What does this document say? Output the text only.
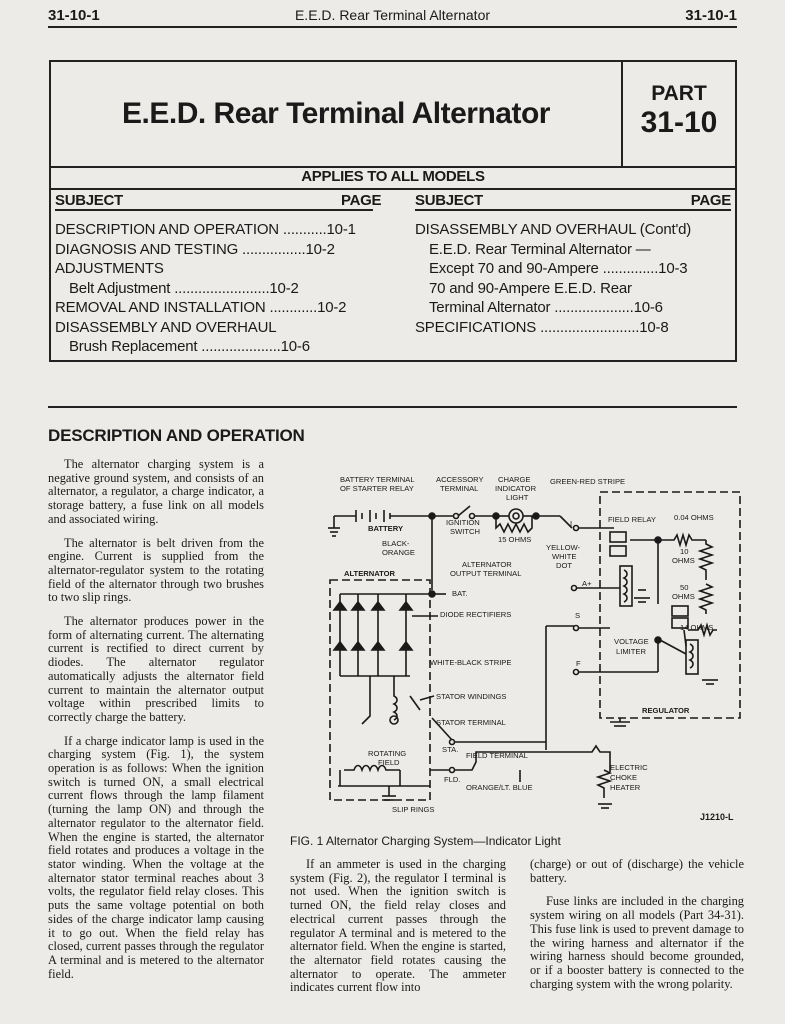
31-10-1	E.E.D. Rear Terminal Alternator	31-10-1
E.E.D. Rear Terminal Alternator
PART
31-10
APPLIES TO ALL MODELS
SUBJECT	PAGE SUBJECT	PAGE
DESCRIPTION AND OPERATION ...........10-1
DIAGNOSIS AND TESTING ................10-2
ADJUSTMENTS
Belt Adjustment ........................10-2
REMOVAL AND INSTALLATION ............10-2
DISASSEMBLY AND OVERHAUL
Brush Replacement ....................10-6
DISASSEMBLY AND OVERHAUL (Cont'd)
E.E.D. Rear Terminal Alternator —
Except 70 and 90-Ampere ..............10-3
70 and 90-Ampere E.E.D. Rear
Terminal Alternator ....................10-6
SPECIFICATIONS .........................10-8
DESCRIPTION AND OPERATION

The alternator charging system is a negative ground system, and consists of an alternator, a regulator, a charge indicator, a storage battery, a fuse link on all models and associated wiring.

The alternator is belt driven from the engine. Current is supplied from the alternator-regulator system to the rotating field of the alternator through two brushes to two slip rings.

The alternator produces power in the form of alternating current. The alternating current is rectified to direct current by diodes. The alternator regulator automatically adjusts the alternator field current to maintain the alternator output voltage within prescribed limits to correctly charge the battery.

If a charge indicator lamp is used in the charging system (Fig. 1), the system operation is as follows: When the ignition switch is turned ON, a small electrical current flows through the lamp filament (turning the lamp ON) and through the alternator regulator to the alternator field. When the engine is started, the alternator field rotates and produces a voltage in the stator winding. When the voltage at the alternator stator terminal reaches about 3 volts, the regulator field relay closes. This puts the same voltage potential on both sides of the charge indicator lamp causing it to go out. When the field relay has closed, current passes through the regulator A terminal and is metered to the alternator field.

If an ammeter is used in the charging system (Fig. 2), the regulator I terminal is not used. When the ignition switch is turned ON, the field relay closes and electrical current passes through the regulator A terminal and is metered to the alternator field. When the engine is started, the alternator field rotates causing the alternator to operate. The ammeter indicates current flow into

(charge) or out of (discharge) the vehicle battery.

Fuse links are included in the charging system wiring on all models (Part 34-31). This fuse link is used to prevent damage to the wiring harness and alternator if the wiring harness should become grounded, or if a booster battery is connected to the charging system with the wrong polarity.

BATTERY TERMINAL
OF STARTER RELAY
ACCESSORY
TERMINAL
CHARGE
INDICATOR
LIGHT
GREEN-RED STRIPE
BATTERY
IGNITION
SWITCH
15 OHMS
BLACK-
ORANGE
FIELD RELAY 0.04 OHMS
YELLOW-
WHITE
DOT
ALTERNATOR
OUTPUT TERMINAL
ALTERNATOR
BAT.
10
OHMS
50
OHMS
DIODE RECTIFIERS	S
I
A+
14 OHMS
VOLTAGE
LIMITER
F
WHITE-BLACK STRIPE
STATOR WINDINGS
REGULATOR
STATOR TERMINAL
ROTATING
FIELD
STA.
FIELD TERMINAL
ELECTRIC
CHOKE
HEATER
FLD.
ORANGE/LT. BLUE
SLIP RINGS
J1210-L
FIG. 1 Alternator Charging System—Indicator Light
